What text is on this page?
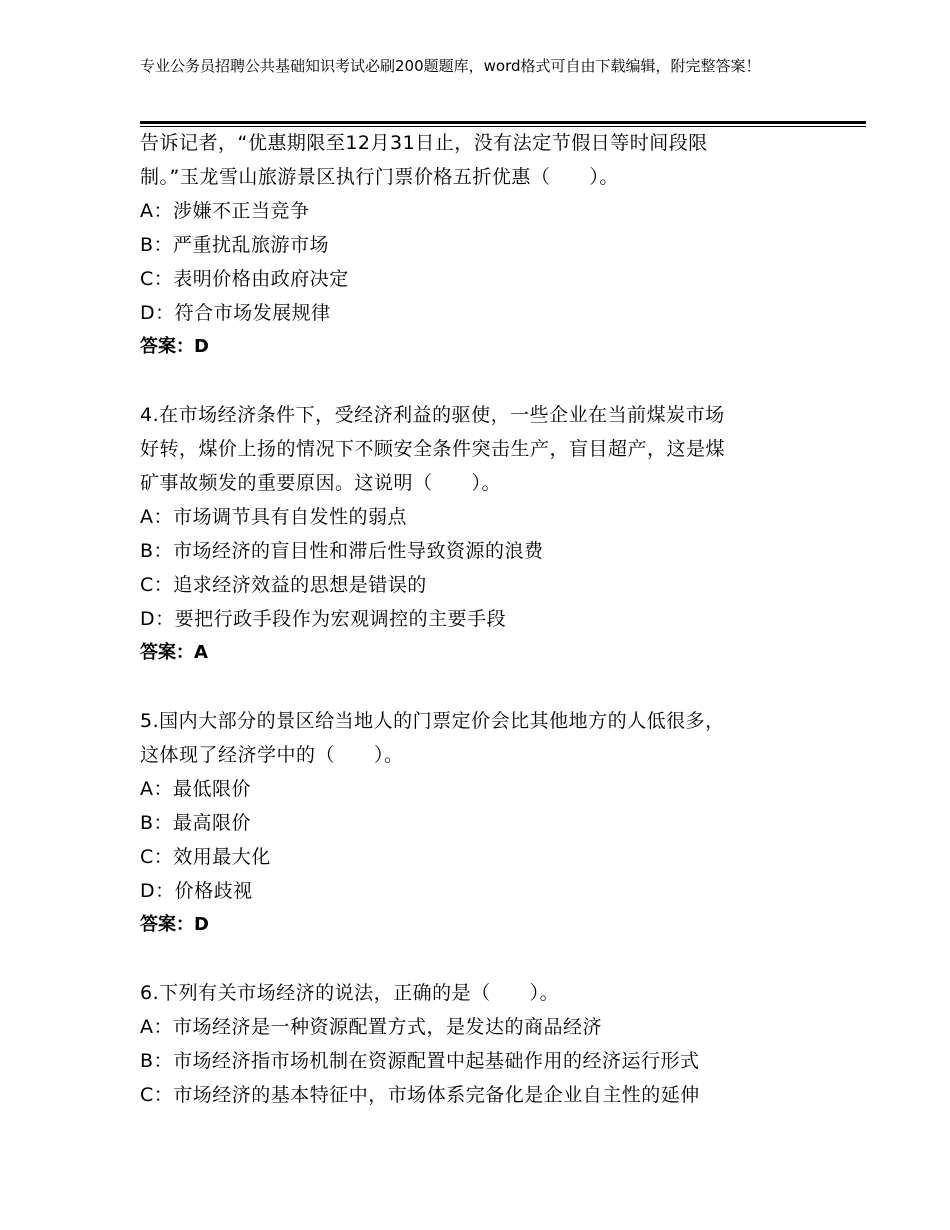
专业公务员招聘公共基础知识考试必刷200题题库，word格式可自由下载编辑，附完整答案！
告诉记者，“优惠期限至12月31日止，没有法定节假日等时间段限
制。”玉龙雪山旅游景区执行门票价格五折优惠（　　）。
A：涉嫌不正当竞争
B：严重扰乱旅游市场
C：表明价格由政府决定
D：符合市场发展规律
答案：D
4.在市场经济条件下，受经济利益的驱使，一些企业在当前煤炭市场
好转，煤价上扬的情况下不顾安全条件突击生产，盲目超产，这是煤
矿事故频发的重要原因。这说明（　　）。
A：市场调节具有自发性的弱点
B：市场经济的盲目性和滞后性导致资源的浪费
C：追求经济效益的思想是错误的
D：要把行政手段作为宏观调控的主要手段
答案：A
5.国内大部分的景区给当地人的门票定价会比其他地方的人低很多，
这体现了经济学中的（　　）。
A：最低限价
B：最高限价
C：效用最大化
D：价格歧视
答案：D
6.下列有关市场经济的说法，正确的是（　　）。
A：市场经济是一种资源配置方式，是发达的商品经济
B：市场经济指市场机制在资源配置中起基础作用的经济运行形式
C：市场经济的基本特征中，市场体系完备化是企业自主性的延伸
